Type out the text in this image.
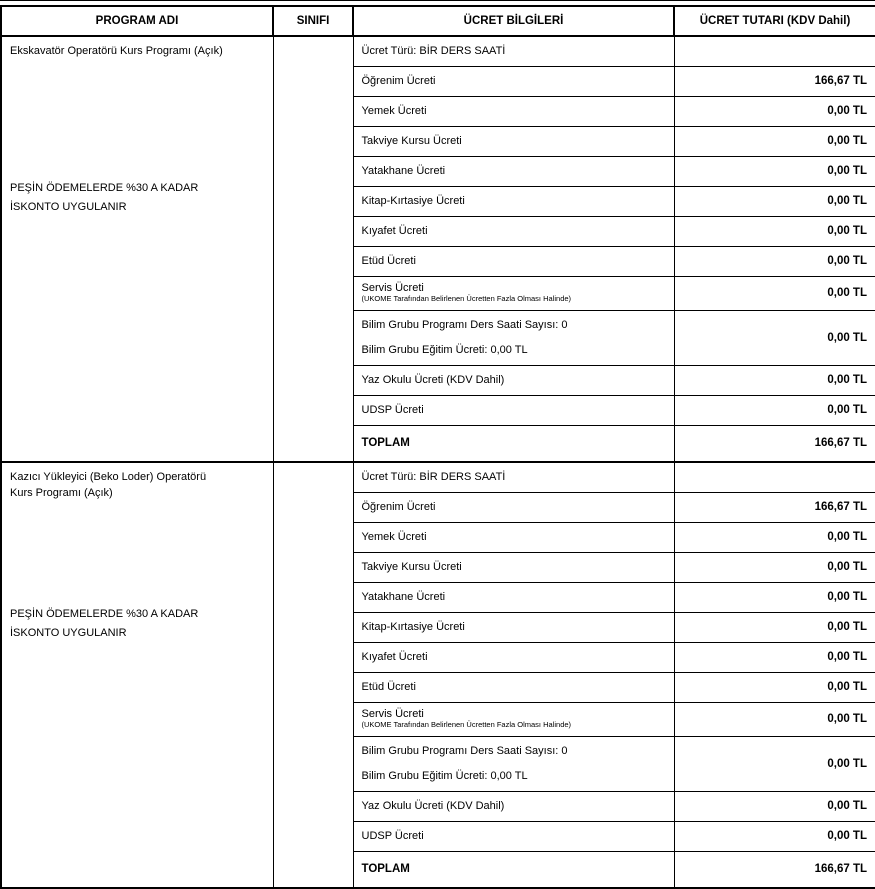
PROGRAM ADI	SINIFI	ÜCRET BİLGİLERİ	ÜCRET TUTARI (KDV Dahil)

Ekskavatör Operatörü Kurs Programı (Açık)
PEŞİN ÖDEMELERDE %30 A KADAR
İSKONTO UYGULANIR		Ücret Türü: BİR DERS SAATİ	

		Öğrenim Ücreti	166,67 TL

		Yemek Ücreti	0,00 TL

		Takviye Kursu Ücreti	0,00 TL

		Yatakhane Ücreti	0,00 TL

		Kitap-Kırtasiye Ücreti	0,00 TL

		Kıyafet Ücreti	0,00 TL

		Etüd Ücreti	0,00 TL

		Servis Ücreti
(UKOME Tarafından Belirlenen Ücretten Fazla Olması Halinde)	0,00 TL

		Bilim Grubu Programı Ders Saati Sayısı: 0
Bilim Grubu Eğitim Ücreti: 0,00 TL	0,00 TL

		Yaz Okulu Ücreti (KDV Dahil)	0,00 TL

		UDSP Ücreti	0,00 TL

		TOPLAM	166,67 TL

Kazıcı Yükleyici (Beko Loder) Operatörü
Kurs Programı (Açık)
PEŞİN ÖDEMELERDE %30 A KADAR
İSKONTO UYGULANIR		Ücret Türü: BİR DERS SAATİ	

		Öğrenim Ücreti	166,67 TL

		Yemek Ücreti	0,00 TL

		Takviye Kursu Ücreti	0,00 TL

		Yatakhane Ücreti	0,00 TL

		Kitap-Kırtasiye Ücreti	0,00 TL

		Kıyafet Ücreti	0,00 TL

		Etüd Ücreti	0,00 TL

		Servis Ücreti
(UKOME Tarafından Belirlenen Ücretten Fazla Olması Halinde)	0,00 TL

		Bilim Grubu Programı Ders Saati Sayısı: 0
Bilim Grubu Eğitim Ücreti: 0,00 TL	0,00 TL

		Yaz Okulu Ücreti (KDV Dahil)	0,00 TL

		UDSP Ücreti	0,00 TL

		TOPLAM	166,67 TL
